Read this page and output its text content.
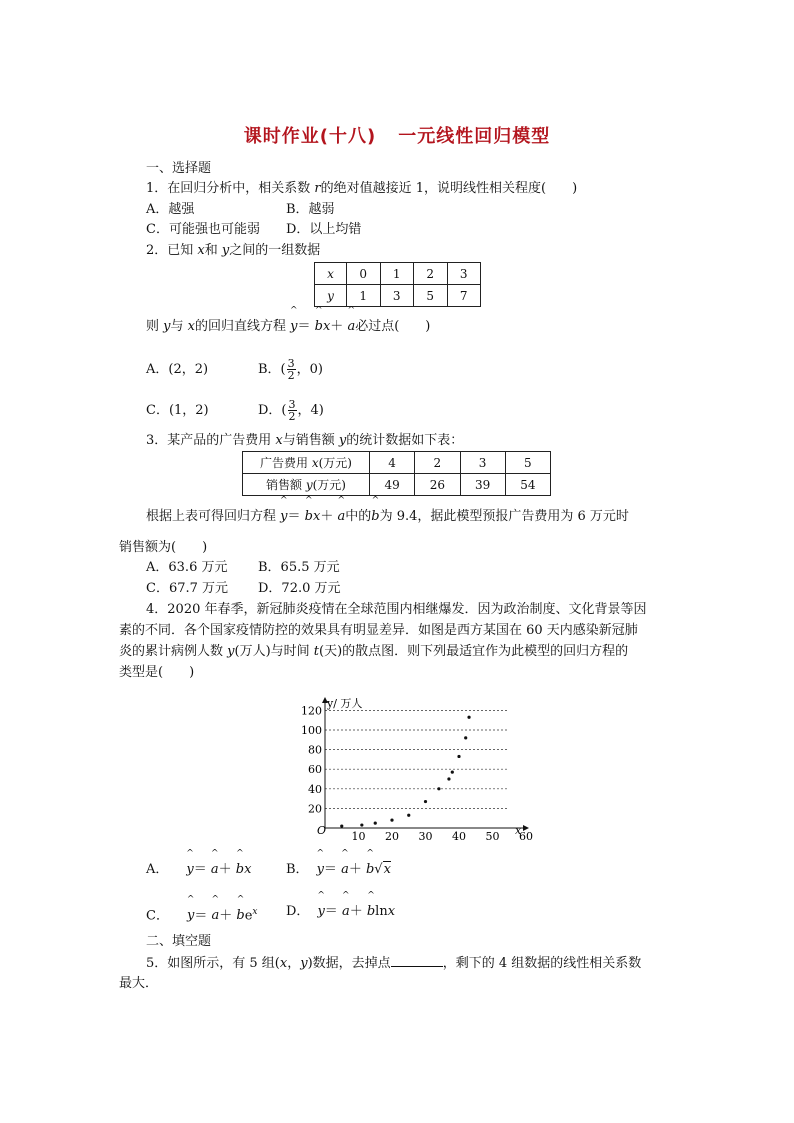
课时作业(十八) 一元线性回归模型
一、选择题
1．在回归分析中，相关系数 r的绝对值越接近 1，说明线性相关程度(　　)
A．越强	B．越弱
C．可能强也可能弱 D．以上均错
2．已知 x和 y之间的一组数据
x	0	1	2	3
y	1	3	5	7
则 y与 x的回归直线方程 ^ y＝ ^ bx＋ ^ a必过点(　　)
A．(2，2)	B．( $\frac{3}{2}$ ，0)
C．(1，2)	D．( $\frac{3}{2}$ ，4)
3．某产品的广告费用 x与销售额 y的统计数据如下表：
广告费用 x(万元)	4	2	3	5
销售额 y(万元)	49	26	39	54
根据上表可得回归方程 ^ y＝ ^ bx＋ ^ a中的^ b为 9.4，据此模型预报广告费用为 6 万元时
销售额为(　　)
A．63.6 万元 B．65.5 万元
C．67.7 万元 D．72.0 万元
4．2020 年春季，新冠肺炎疫情在全球范围内相继爆发．因为政治制度、文化背景等因
素的不同．各个国家疫情防控的效果具有明显差异．如图是西方某国在 60 天内感染新冠肺
炎的累计病例人数 y(万人)与时间 t(天)的散点图．则下列最适宜作为此模型的回归方程的
类型是(　　)
y/ 万人
x
O
20
40
60
80
100
120
10 20 30 40 50 60
A． ^ y＝ ^ a＋ ^ bx	B． ^ y＝ ^ a＋ ^ b√x
C． ^ y＝ ^ a＋ ^ $be^x$ D． ^ y＝ ^ a＋ ^ blnx
二、填空题
5．如图所示，有 5 组(x，y)数据，去掉点	，剩下的 4 组数据的线性相关系数
最大．
